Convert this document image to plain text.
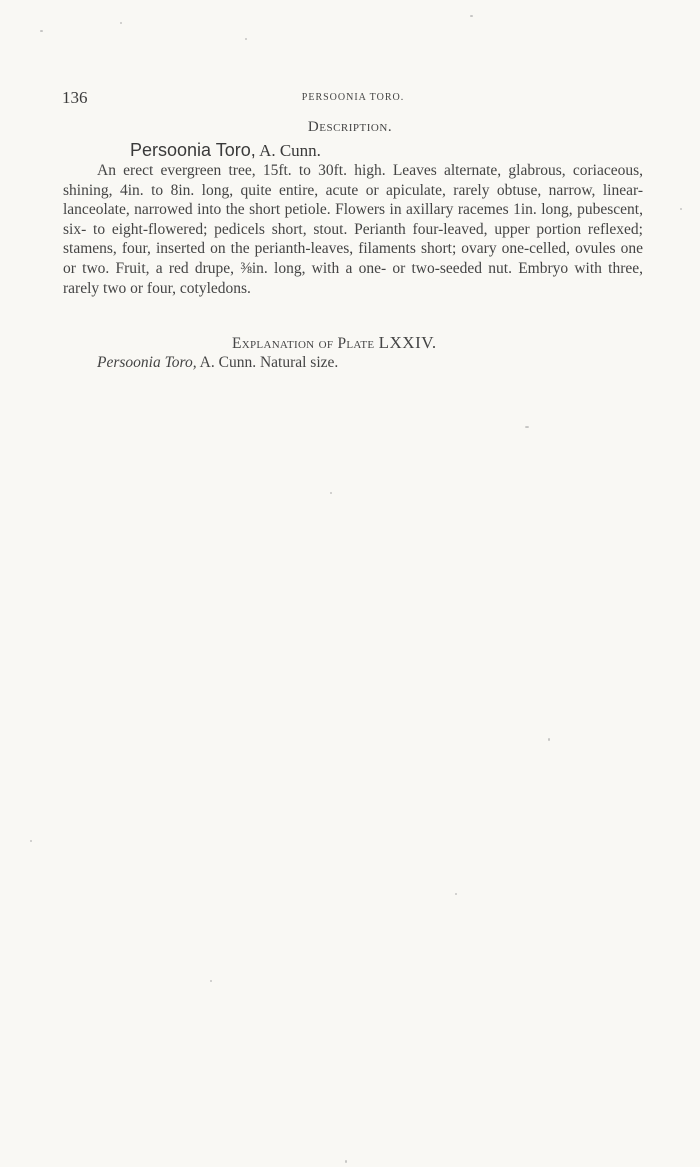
136	PERSOONIA TORO.
Description.
Persoonia Toro, A. Cunn.

An erect evergreen tree, 15ft. to 30ft. high. Leaves alternate, glabrous, coriaceous, shining, 4in. to 8in. long, quite entire, acute or apiculate, rarely obtuse, narrow, linear-lanceolate, narrowed into the short petiole. Flowers in axillary racemes 1in. long, pubescent, six- to eight-flowered; pedicels short, stout. Perianth four-leaved, upper portion reflexed; stamens, four, inserted on the perianth-leaves, filaments short; ovary one-celled, ovules one or two. Fruit, a red drupe, ⅜in. long, with a one- or two-seeded nut. Embryo with three, rarely two or four, cotyledons.

Explanation of Plate LXXIV.
Persoonia Toro, A. Cunn. Natural size.
